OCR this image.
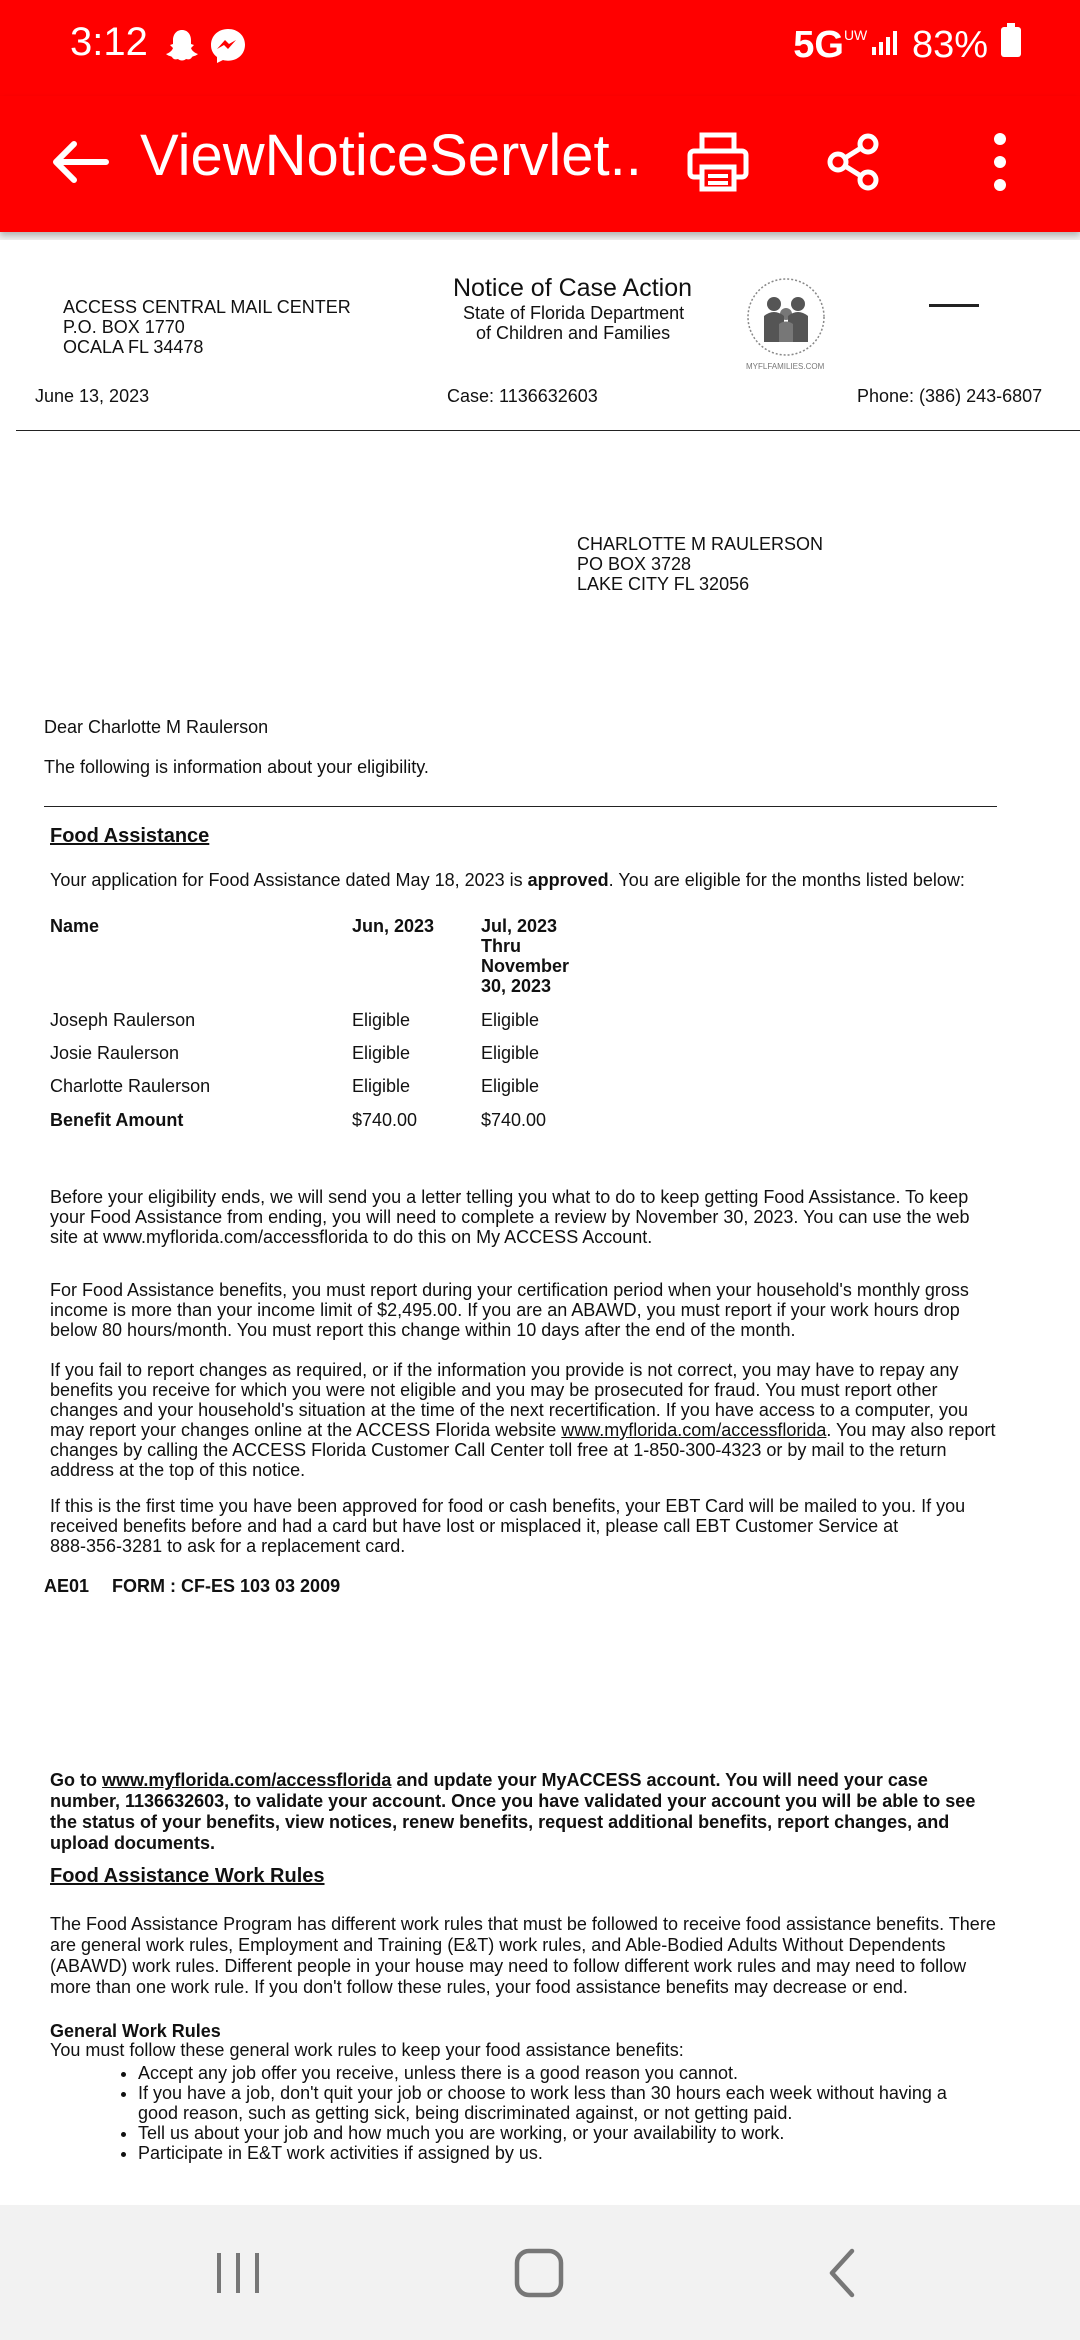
3:12	5GUW 83%
ViewNoticeServlet..
ACCESS CENTRAL MAIL CENTER
P.O. BOX 1770
OCALA FL 34478
Notice of Case Action
State of Florida Department
of Children and Families
MYFLFAMILIES.COM
June 13, 2023	Case: 1136632603	Phone: (386) 243-6807
CHARLOTTE M RAULERSON
PO BOX 3728
LAKE CITY FL 32056
Dear Charlotte M Raulerson
The following is information about your eligibility.
Food Assistance
Your application for Food Assistance dated May 18, 2023 is approved. You are eligible for the months listed below:
Name	Jun, 2023	Jul, 2023
Thru
November
30, 2023
Joseph Raulerson	Eligible	Eligible
Josie Raulerson	Eligible	Eligible
Charlotte Raulerson	Eligible	Eligible
Benefit Amount	$740.00	$740.00
Before your eligibility ends, we will send you a letter telling you what to do to keep getting Food Assistance. To keep
your Food Assistance from ending, you will need to complete a review by November 30, 2023. You can use the web
site at www.myflorida.com/accessflorida to do this on My ACCESS Account.
For Food Assistance benefits, you must report during your certification period when your household's monthly gross
income is more than your income limit of $2,495.00. If you are an ABAWD, you must report if your work hours drop
below 80 hours/month. You must report this change within 10 days after the end of the month.
If you fail to report changes as required, or if the information you provide is not correct, you may have to repay any
benefits you receive for which you were not eligible and you may be prosecuted for fraud. You must report other
changes and your household's situation at the time of the next recertification. If you have access to a computer, you
may report your changes online at the ACCESS Florida website www.myflorida.com/accessflorida. You may also report
changes by calling the ACCESS Florida Customer Call Center toll free at 1-850-300-4323 or by mail to the return
address at the top of this notice.
If this is the first time you have been approved for food or cash benefits, your EBT Card will be mailed to you. If you
received benefits before and had a card but have lost or misplaced it, please call EBT Customer Service at
888-356-3281 to ask for a replacement card.
AE01 FORM : CF-ES 103 03 2009
Go to www.myflorida.com/accessflorida and update your MyACCESS account. You will need your case
number, 1136632603, to validate your account. Once you have validated your account you will be able to see
the status of your benefits, view notices, renew benefits, request additional benefits, report changes, and
upload documents.
Food Assistance Work Rules
The Food Assistance Program has different work rules that must be followed to receive food assistance benefits. There
are general work rules, Employment and Training (E&T) work rules, and Able-Bodied Adults Without Dependents
(ABAWD) work rules. Different people in your house may need to follow different work rules and may need to follow
more than one work rule. If you don't follow these rules, your food assistance benefits may decrease or end.
General Work Rules
You must follow these general work rules to keep your food assistance benefits:
• Accept any job offer you receive, unless there is a good reason you cannot.
• If you have a job, don't quit your job or choose to work less than 30 hours each week without having a good reason, such as getting sick, being discriminated against, or not getting paid.
• Tell us about your job and how much you are working, or your availability to work.
• Participate in E&T work activities if assigned by us.
